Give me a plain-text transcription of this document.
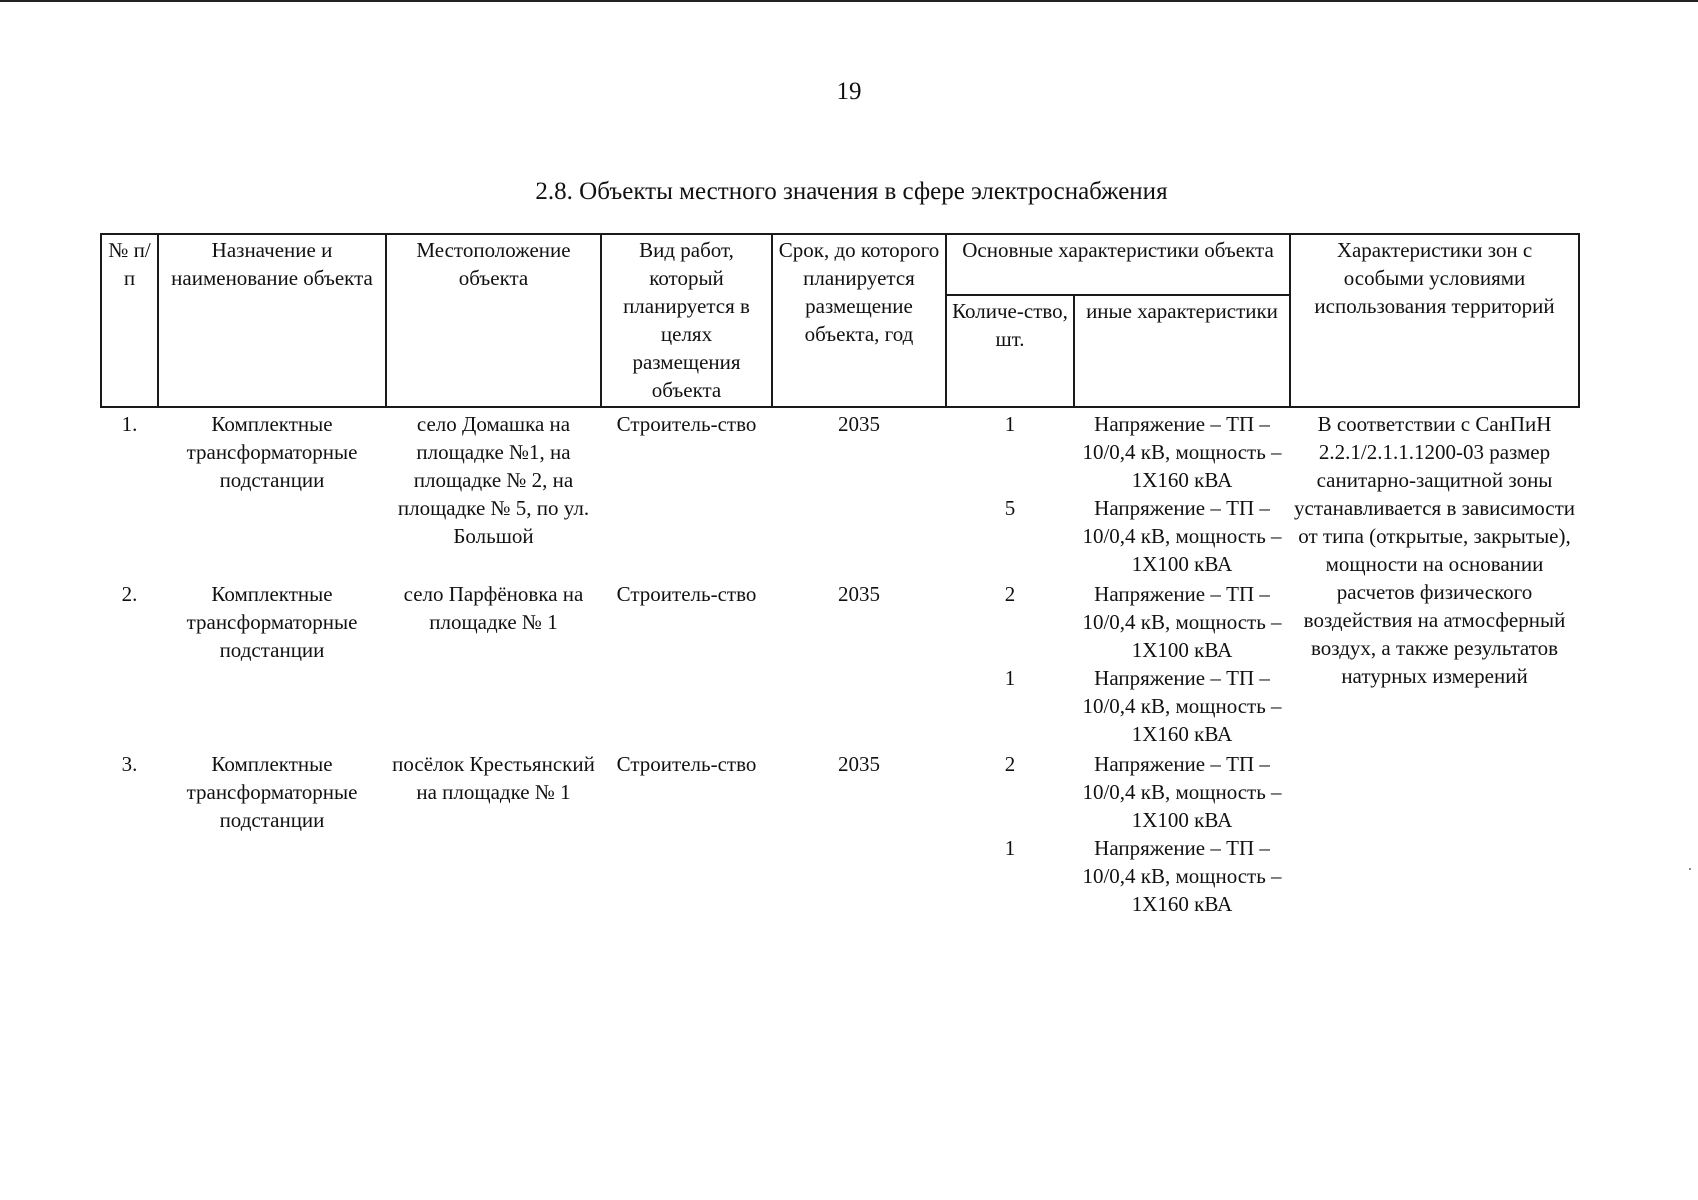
19
2.8. Объекты местного значения в сфере электроснабжения
№ п/п	Назначение и наименование объекта	Местоположение объекта	Вид работ, который планируется в целях размещения объекта	Срок, до которого планируется размещение объекта, год	Основные характеристики объекта		Характеристики зон с особыми условиями использования территорий
					Количе-ство, шт.	иные характеристики	
1.	Комплектные трансформаторные подстанции	село Домашка на площадке №1, на площадке № 2, на площадке № 5, по ул. Большой	Строитель-ство	2035	1	Напряжение – ТП – 10/0,4 кВ, мощность – 1Х160 кВА	В соответствии с СанПиН 2.2.1/2.1.1.1200-03 размер санитарно-защитной зоны устанавливается в зависимости от типа (открытые, закрытые), мощности на основании расчетов физического воздействия на атмосферный воздух, а также результатов натурных измерений

					5	Напряжение – ТП – 10/0,4 кВ, мощность – 1Х100 кВА	
2.	Комплектные трансформаторные подстанции	село Парфёновка на площадке № 1	Строитель-ство	2035	2	Напряжение – ТП – 10/0,4 кВ, мощность – 1Х100 кВА	
					1	Напряжение – ТП – 10/0,4 кВ, мощность – 1Х160 кВА	
3.	Комплектные трансформаторные подстанции	посёлок Крестьянский на площадке № 1	Строитель-ство	2035	2	Напряжение – ТП – 10/0,4 кВ, мощность – 1Х100 кВА	
					1	Напряжение – ТП – 10/0,4 кВ, мощность – 1Х160 кВА	
